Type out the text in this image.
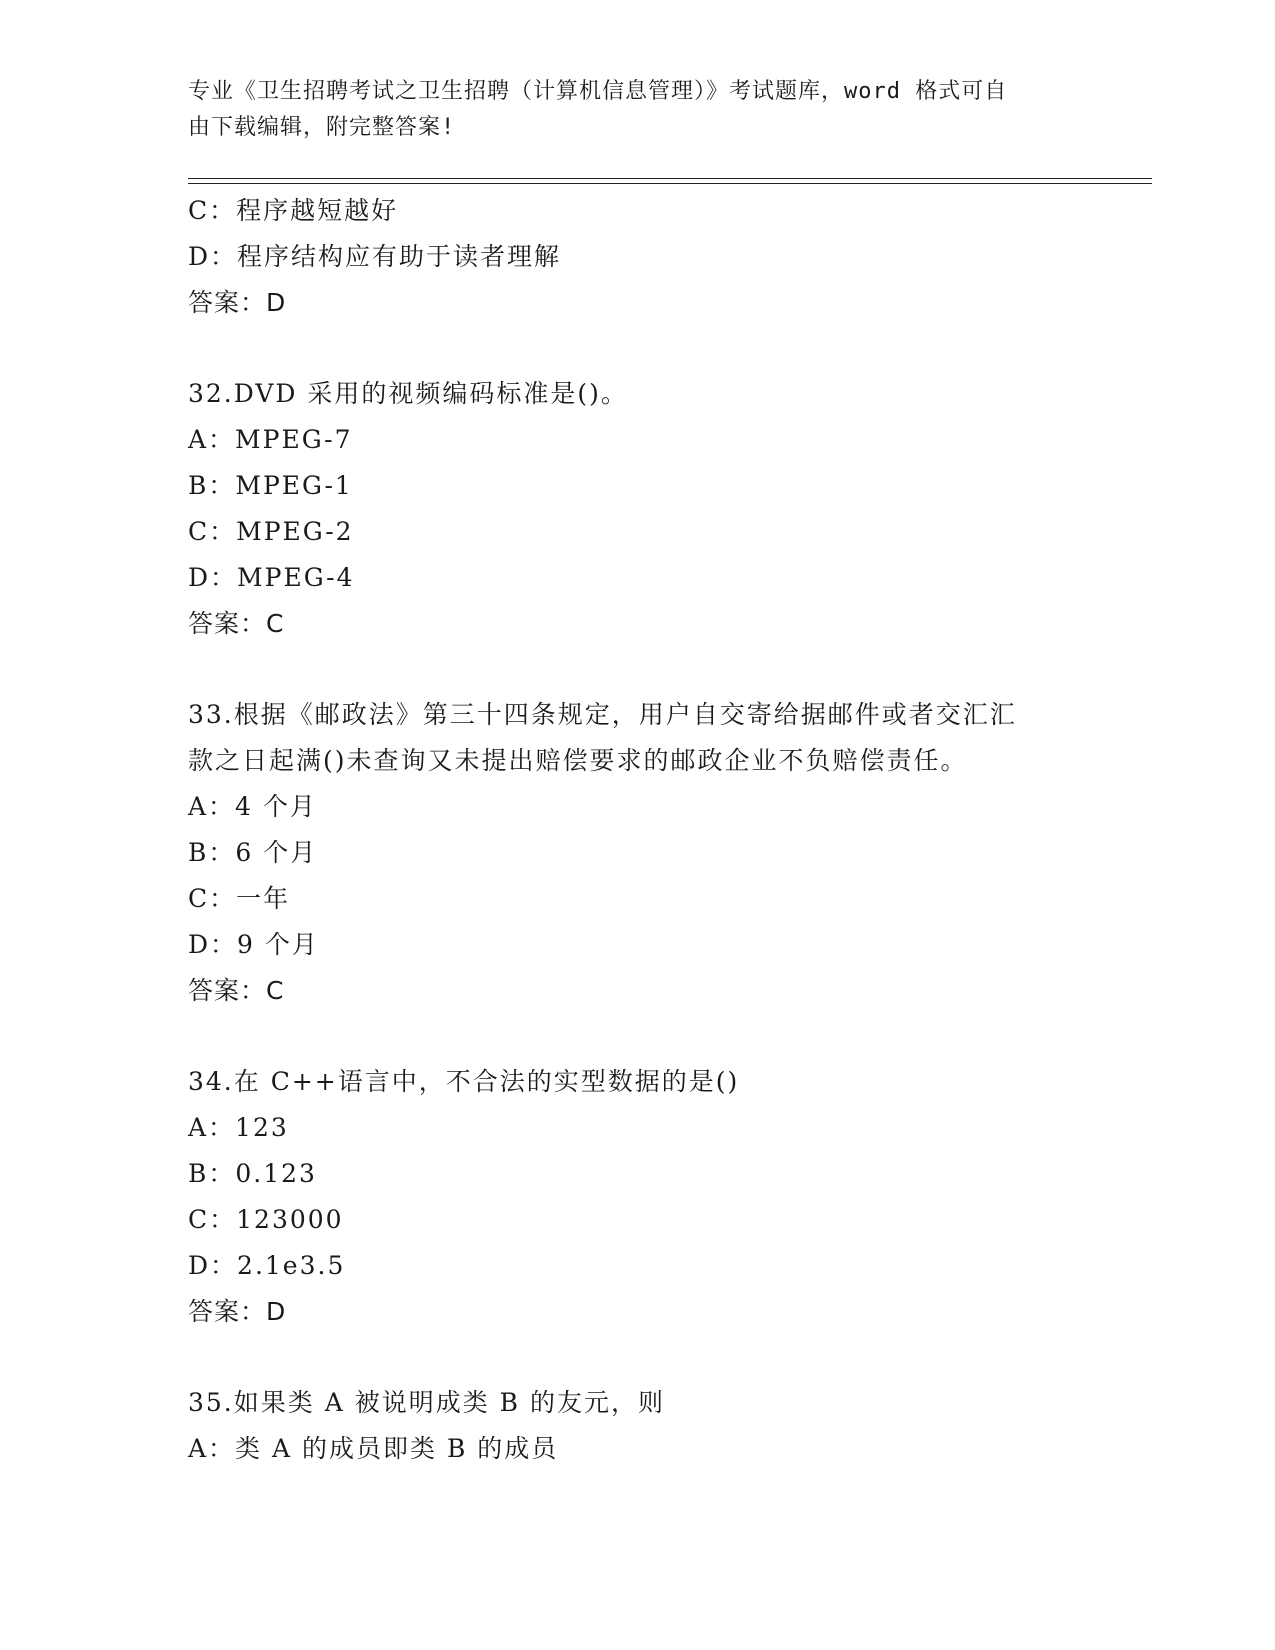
专业《卫生招聘考试之卫生招聘（计算机信息管理）》考试题库，word 格式可自
由下载编辑，附完整答案!
C：程序越短越好
D：程序结构应有助于读者理解
答案：D
32.DVD 采用的视频编码标准是()。
A：MPEG-7
B：MPEG-1
C：MPEG-2
D：MPEG-4
答案：C
33.根据《邮政法》第三十四条规定，用户自交寄给据邮件或者交汇汇
款之日起满()未查询又未提出赔偿要求的邮政企业不负赔偿责任。
A：4 个月
B：6 个月
C：一年
D：9 个月
答案：C
34.在 C++语言中，不合法的实型数据的是()
A：123
B：0.123
C：123000
D：2.1e3.5
答案：D
35.如果类 A 被说明成类 B 的友元，则
A：类 A 的成员即类 B 的成员
